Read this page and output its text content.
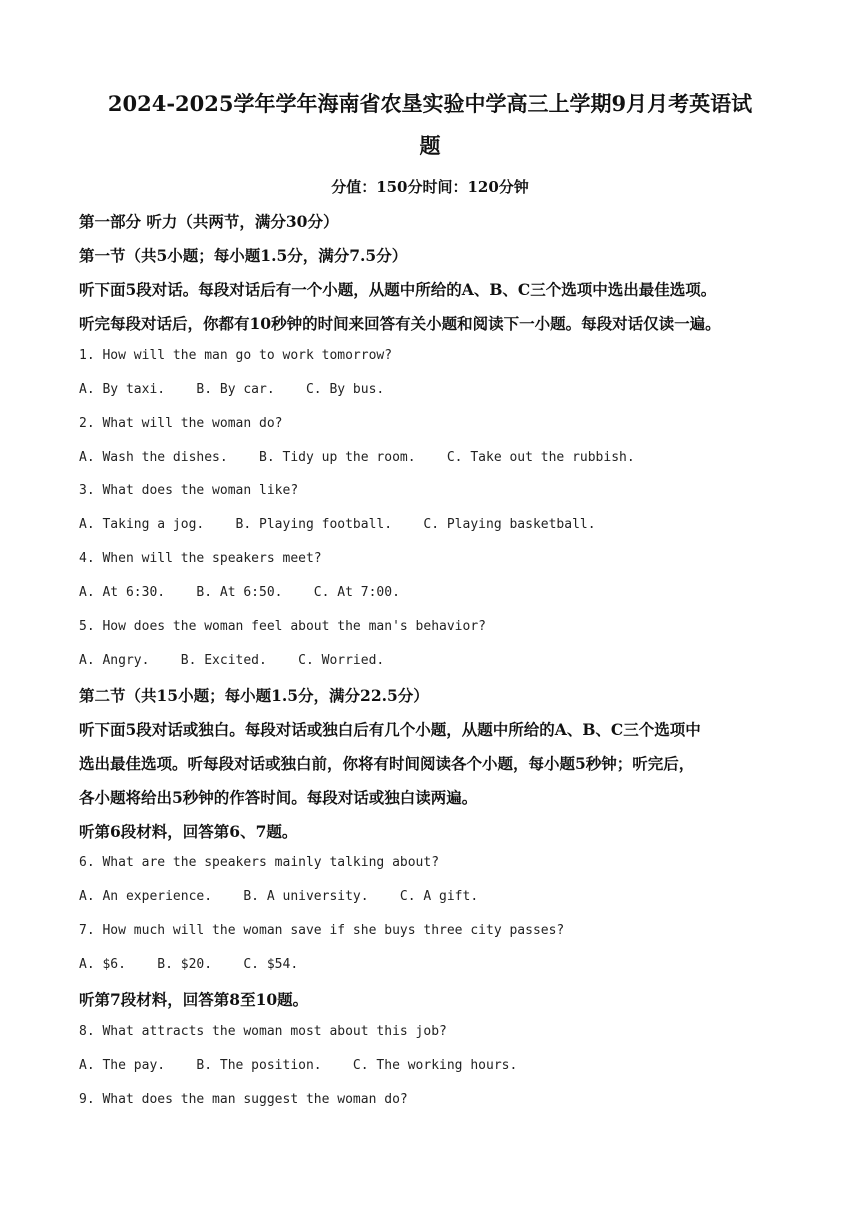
2024-2025学年学年海南省农垦实验中学高三上学期9月月考英语试
题
分值：150分时间：120分钟
第一部分 听力（共两节，满分30分）
第一节（共5小题；每小题1.5分，满分7.5分）
听下面5段对话。每段对话后有一个小题，从题中所给的A、B、C三个选项中选出最佳选项。
听完每段对话后，你都有10秒钟的时间来回答有关小题和阅读下一小题。每段对话仅读一遍。
1. How will the man go to work tomorrow?
A. By taxi.    B. By car.    C. By bus.
2. What will the woman do?
A. Wash the dishes.    B. Tidy up the room.    C. Take out the rubbish.
3. What does the woman like?
A. Taking a jog.    B. Playing football.    C. Playing basketball.
4. When will the speakers meet?
A. At 6:30.    B. At 6:50.    C. At 7:00.
5. How does the woman feel about the man's behavior?
A. Angry.    B. Excited.    C. Worried.
第二节（共15小题；每小题1.5分，满分22.5分）
听下面5段对话或独白。每段对话或独白后有几个小题，从题中所给的A、B、C三个选项中
选出最佳选项。听每段对话或独白前，你将有时间阅读各个小题，每小题5秒钟；听完后，
各小题将给出5秒钟的作答时间。每段对话或独白读两遍。
听第6段材料，回答第6、7题。
6. What are the speakers mainly talking about?
A. An experience.    B. A university.    C. A gift.
7. How much will the woman save if she buys three city passes?
A. $6.    B. $20.    C. $54.
听第7段材料，回答第8至10题。
8. What attracts the woman most about this job?
A. The pay.    B. The position.    C. The working hours.
9. What does the man suggest the woman do?
